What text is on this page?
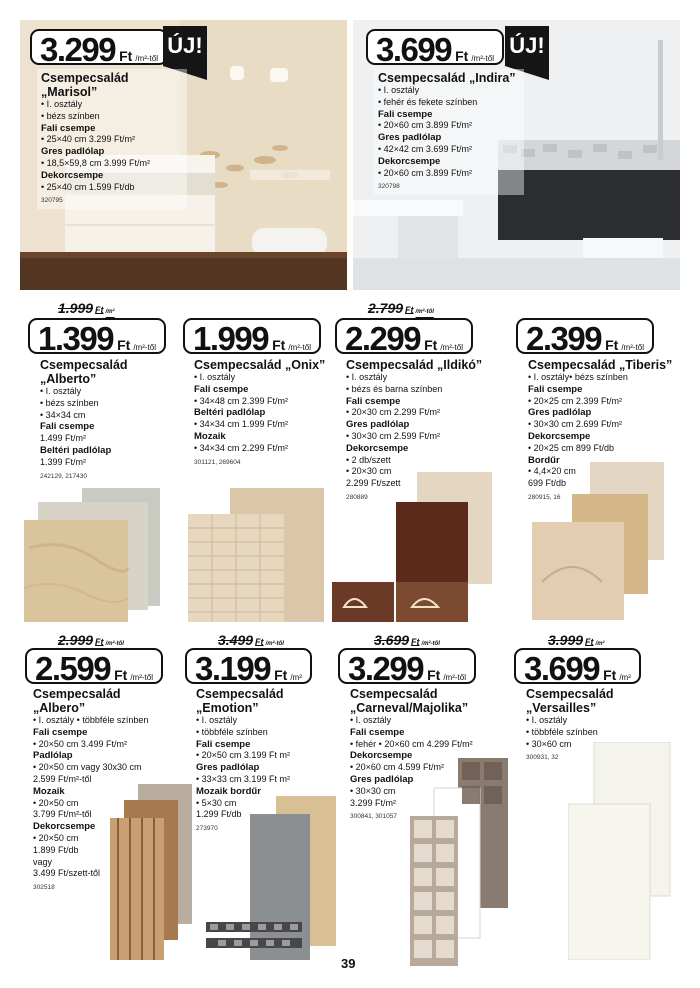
3.299 Ft /m²-től
ÚJ!	3.699 Ft /m²-től
ÚJ!
Csempecsalád „Marisol”
• I. osztály
• bézs színben
Fali csempe
• 25×40 cm 3.299 Ft/m²
Gres padlólap
• 18,5×59,8 cm 3.999 Ft/m²
Dekorcsempe
• 25×40 cm 1.599 Ft/db
320795
Csempecsalád „Indira”
• I. osztály
• fehér és fekete színben
Fali csempe
• 20×60 cm 3.899 Ft/m²
Gres padlólap
• 42×42 cm 3.699 Ft/m²
Dekorcsempe
• 20×60 cm 3.899 Ft/m²
320798
1.999 Ft /m²	2.799 Ft /m²-től
1.399 Ft /m²-től 1.999 Ft /m²-től 2.299 Ft /m²-től 2.399 Ft /m²-től
Csempecsalád „Alberto”
• I. osztály
• bézs színben
• 34×34 cm
Fali csempe
1.499 Ft/m²
Beltéri padlólap
1.399 Ft/m²
242129, 217430
Csempecsalád „Onix”
• I. osztály
Fali csempe
• 34×48 cm 2.399 Ft/m²
Beltéri padlólap
• 34×34 cm 1.999 Ft/m²
Mozaik
• 34×34 cm 2.299 Ft/m²
301121, 269604
Csempecsalád „Ildikó”
• I. osztály
• bézs és barna színben
Fali csempe
• 20×30 cm 2.299 Ft/m²
Gres padlólap
• 30×30 cm 2.599 Ft/m²
Dekorcsempe
• 2 db/szett
• 20×30 cm
2.299 Ft/szett
280889
Csempecsalád „Tiberis”
• I. osztály• bézs színben
Fali csempe
• 20×25 cm 2.399 Ft/m²
Gres padlólap
• 30×30 cm 2.699 Ft/m²
Dekorcsempe
• 20×25 cm 899 Ft/db
Bordűr
• 4,4×20 cm
699 Ft/db
280915, 16
2.999 Ft /m²-től	3.499 Ft /m²-től	3.699 Ft /m²-től	3.999 Ft /m²
2.599 Ft /m²-től 3.199 Ft /m² 3.299 Ft /m²-től 3.699 Ft /m²
Csempecsalád „Albero”
• I. osztály • többféle színben
Fali csempe
• 20×50 cm 3.499 Ft/m²
Padlólap
• 20×50 cm vagy 30x30 cm
2.599 Ft/m²-től
Mozaik
• 20×50 cm
3.799 Ft/m²-től
Dekorcsempe
• 20×50 cm
1.899 Ft/db
vagy
3.499 Ft/szett-től
302518
Csempecsalád „Emotion”
• I. osztály
• többféle színben
Fali csempe
• 20×50 cm 3.199 Ft m²
Gres padlólap
• 33×33 cm 3.199 Ft m²
Mozaik bordűr
• 5×30 cm
1.299 Ft/db
273970
Csempecsalád „Carneval/Majolika”
• I. osztály
Fali csempe
• fehér • 20×60 cm 4.299 Ft/m²
Dekorcsempe
• 20×60 cm 4.599 Ft/m²
Gres padlólap
• 30×30 cm
3.299 Ft/m²
300841, 301057
Csempecsalád „Versailles”
• I. osztály
• többféle színben
• 30×60 cm
300931, 32
39
